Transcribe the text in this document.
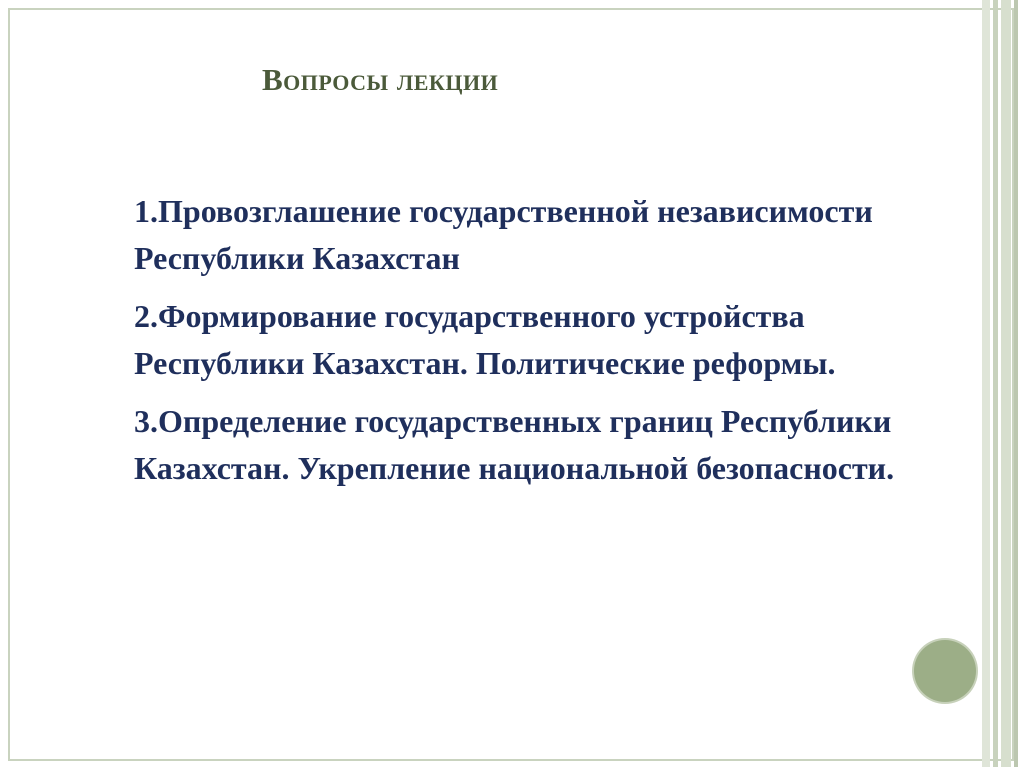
Вопросы лекции
1.Провозглашение государственной независимости Республики Казахстан
2.Формирование государственного устройства Республики Казахстан. Политические реформы.
3.Определение государственных границ Республики Казахстан. Укрепление национальной безопасности.
